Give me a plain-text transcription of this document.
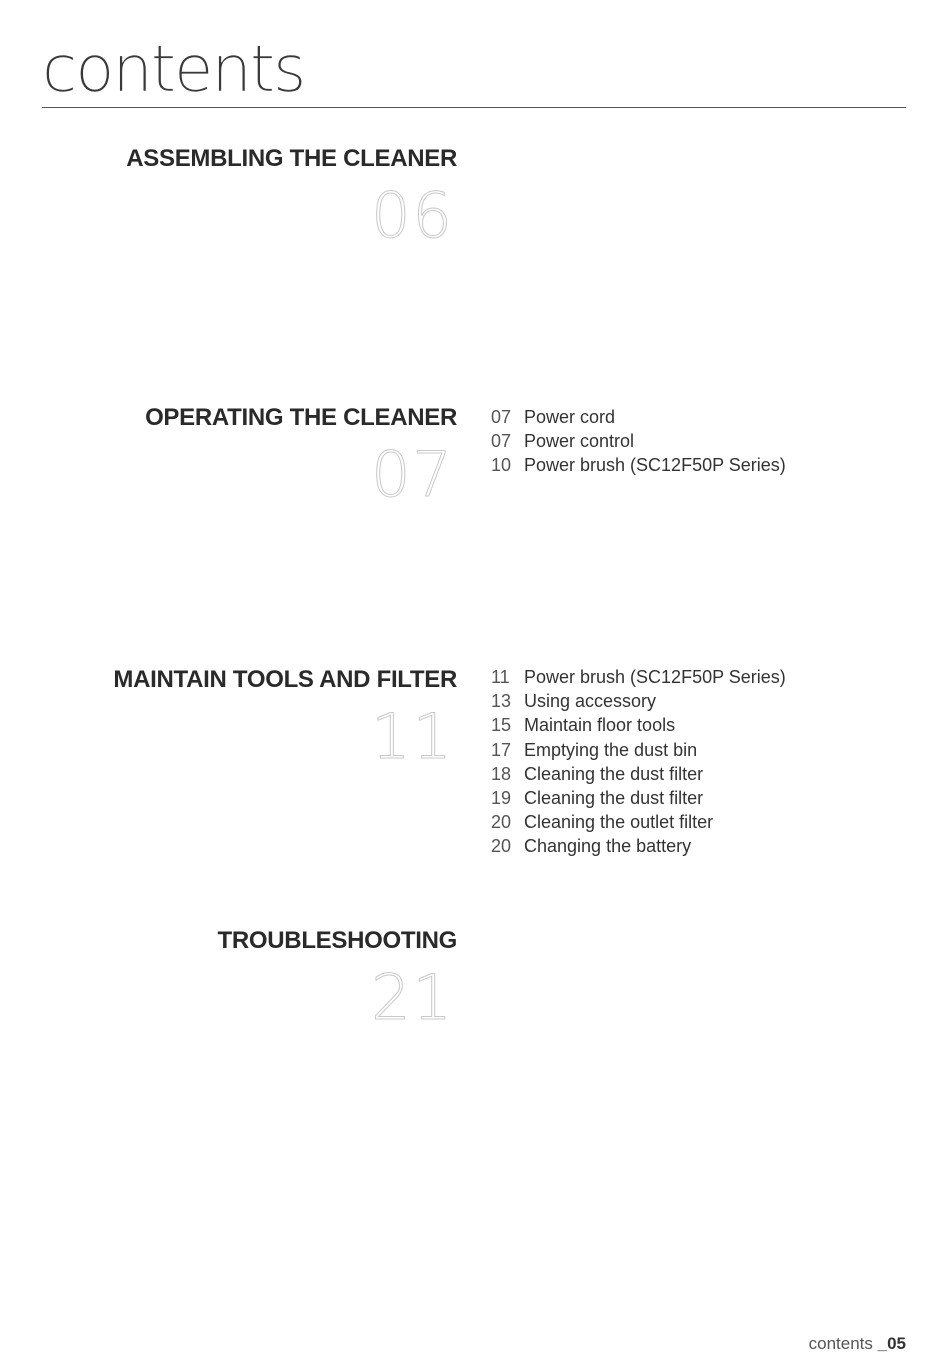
contents
ASSEMBLING THE CLEANER
06
OPERATING THE CLEANER
07
07 Power cord
07 Power control
10 Power brush (SC12F50P Series)
MAINTAIN TOOLS AND FILTER
11
11 Power brush (SC12F50P Series)
13 Using accessory
15 Maintain floor tools
17 Emptying the dust bin
18 Cleaning the dust filter
19 Cleaning the dust filter
20 Cleaning the outlet filter
20 Changing the battery
TROUBLESHOOTING
21
contents _05
